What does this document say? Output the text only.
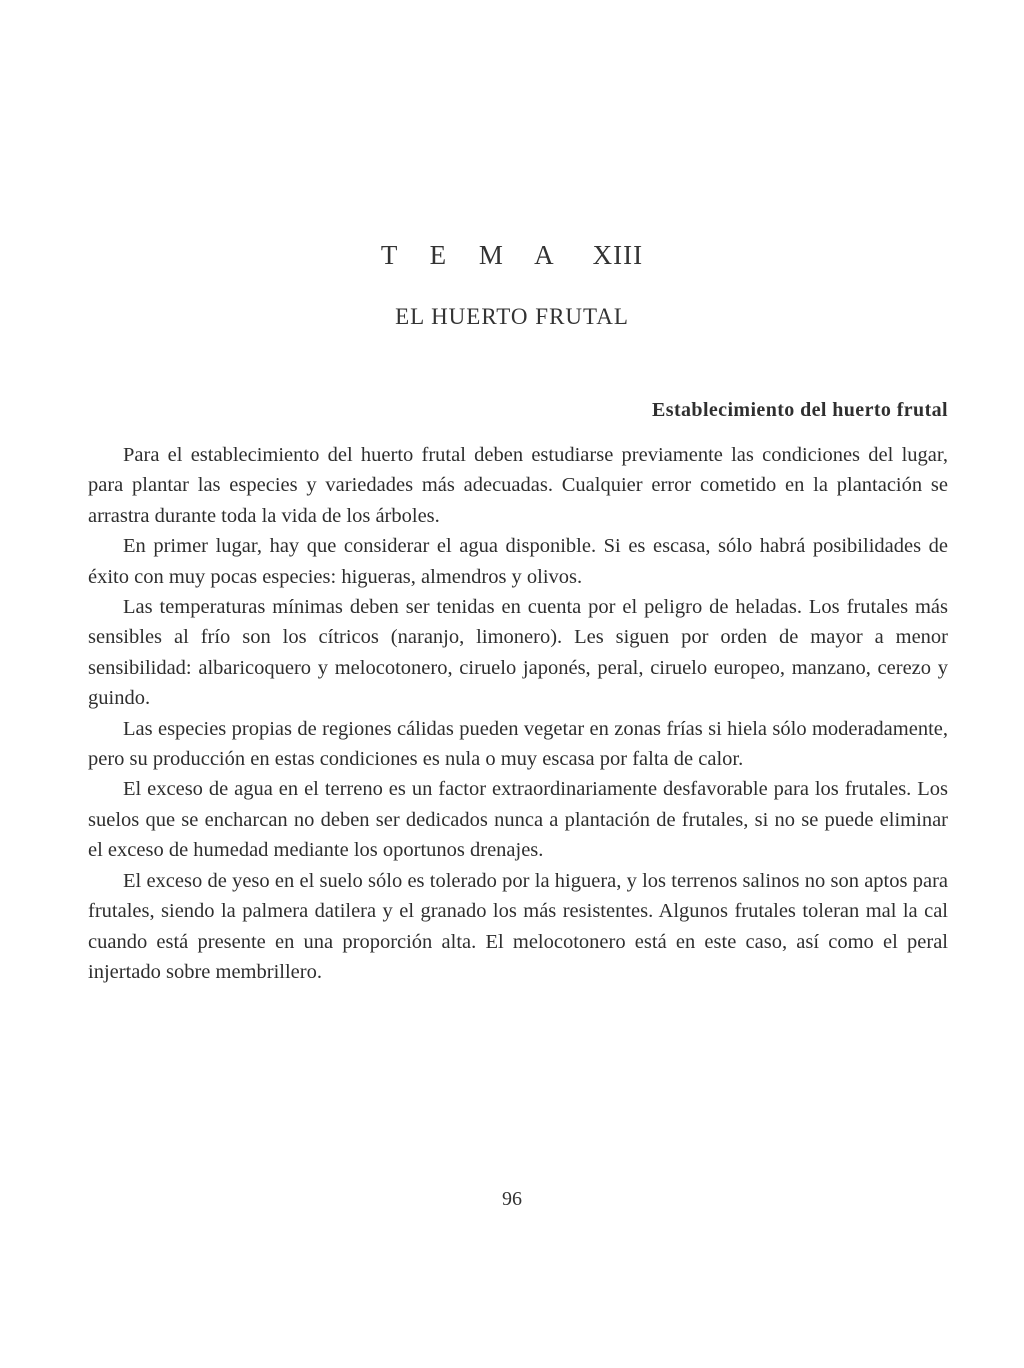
T E M A XIII
EL HUERTO FRUTAL
Establecimiento del huerto frutal

Para el establecimiento del huerto frutal deben estudiarse previamente las condiciones del lugar, para plantar las especies y variedades más adecuadas. Cualquier error cometido en la plantación se arrastra durante toda la vida de los árboles.

En primer lugar, hay que considerar el agua disponible. Si es escasa, sólo habrá posibilidades de éxito con muy pocas especies: higueras, almendros y olivos.

Las temperaturas mínimas deben ser tenidas en cuenta por el peligro de heladas. Los frutales más sensibles al frío son los cítricos (naranjo, limonero). Les siguen por orden de mayor a menor sensibilidad: albaricoquero y melocotonero, ciruelo japonés, peral, ciruelo europeo, manzano, cerezo y guindo.

Las especies propias de regiones cálidas pueden vegetar en zonas frías si hiela sólo moderadamente, pero su producción en estas condiciones es nula o muy escasa por falta de calor.

El exceso de agua en el terreno es un factor extraordinariamente desfavorable para los frutales. Los suelos que se encharcan no deben ser dedicados nunca a plantación de frutales, si no se puede eliminar el exceso de humedad mediante los oportunos drenajes.

El exceso de yeso en el suelo sólo es tolerado por la higuera, y los terrenos salinos no son aptos para frutales, siendo la palmera datilera y el granado los más resistentes. Algunos frutales toleran mal la cal cuando está presente en una proporción alta. El melocotonero está en este caso, así como el peral injertado sobre membrillero.

96
